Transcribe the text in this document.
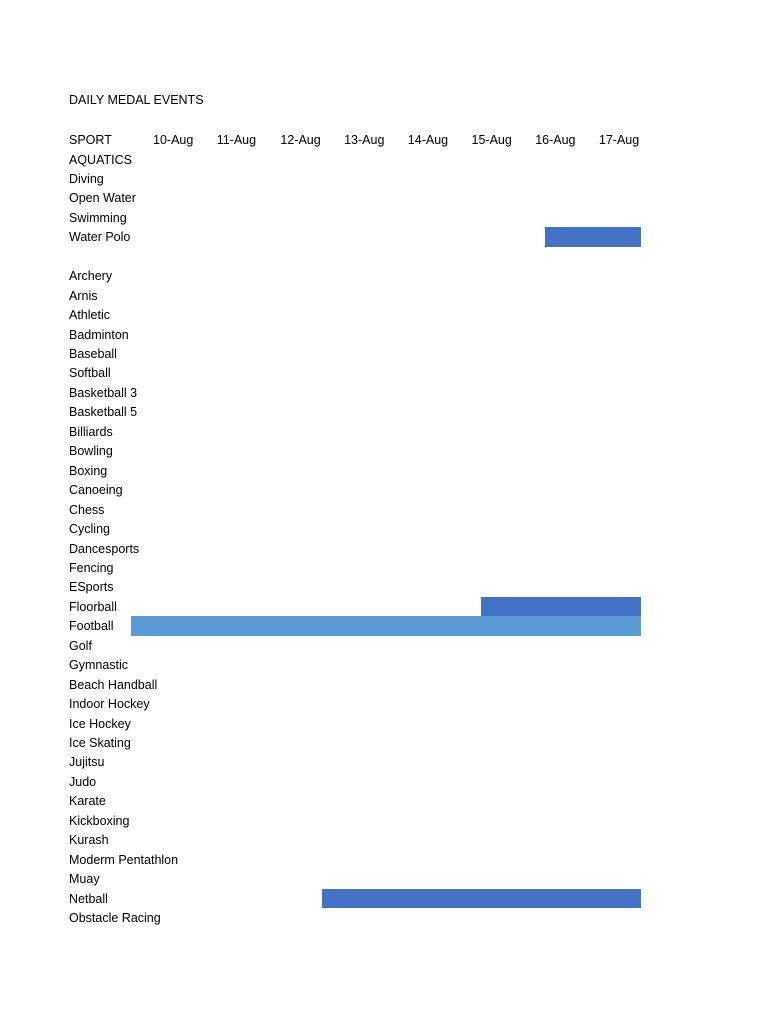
DAILY MEDAL EVENTS
SPORT	10-Aug 11-Aug 12-Aug 13-Aug 14-Aug 15-Aug 16-Aug 17-Aug
AQUATICS
Diving
Open Water
Swimming
Water Polo
Archery
Arnis
Athletic
Badminton
Baseball
Softball
Basketball 3
Basketball 5
Billiards
Bowling
Boxing
Canoeing
Chess
Cycling
Dancesports
Fencing
ESports
Floorball
Football
Golf
Gymnastic
Beach Handball
Indoor Hockey
Ice Hockey
Ice Skating
Jujitsu
Judo
Karate
Kickboxing
Kurash
Moderm Pentathlon
Muay
Netball
Obstacle Racing
